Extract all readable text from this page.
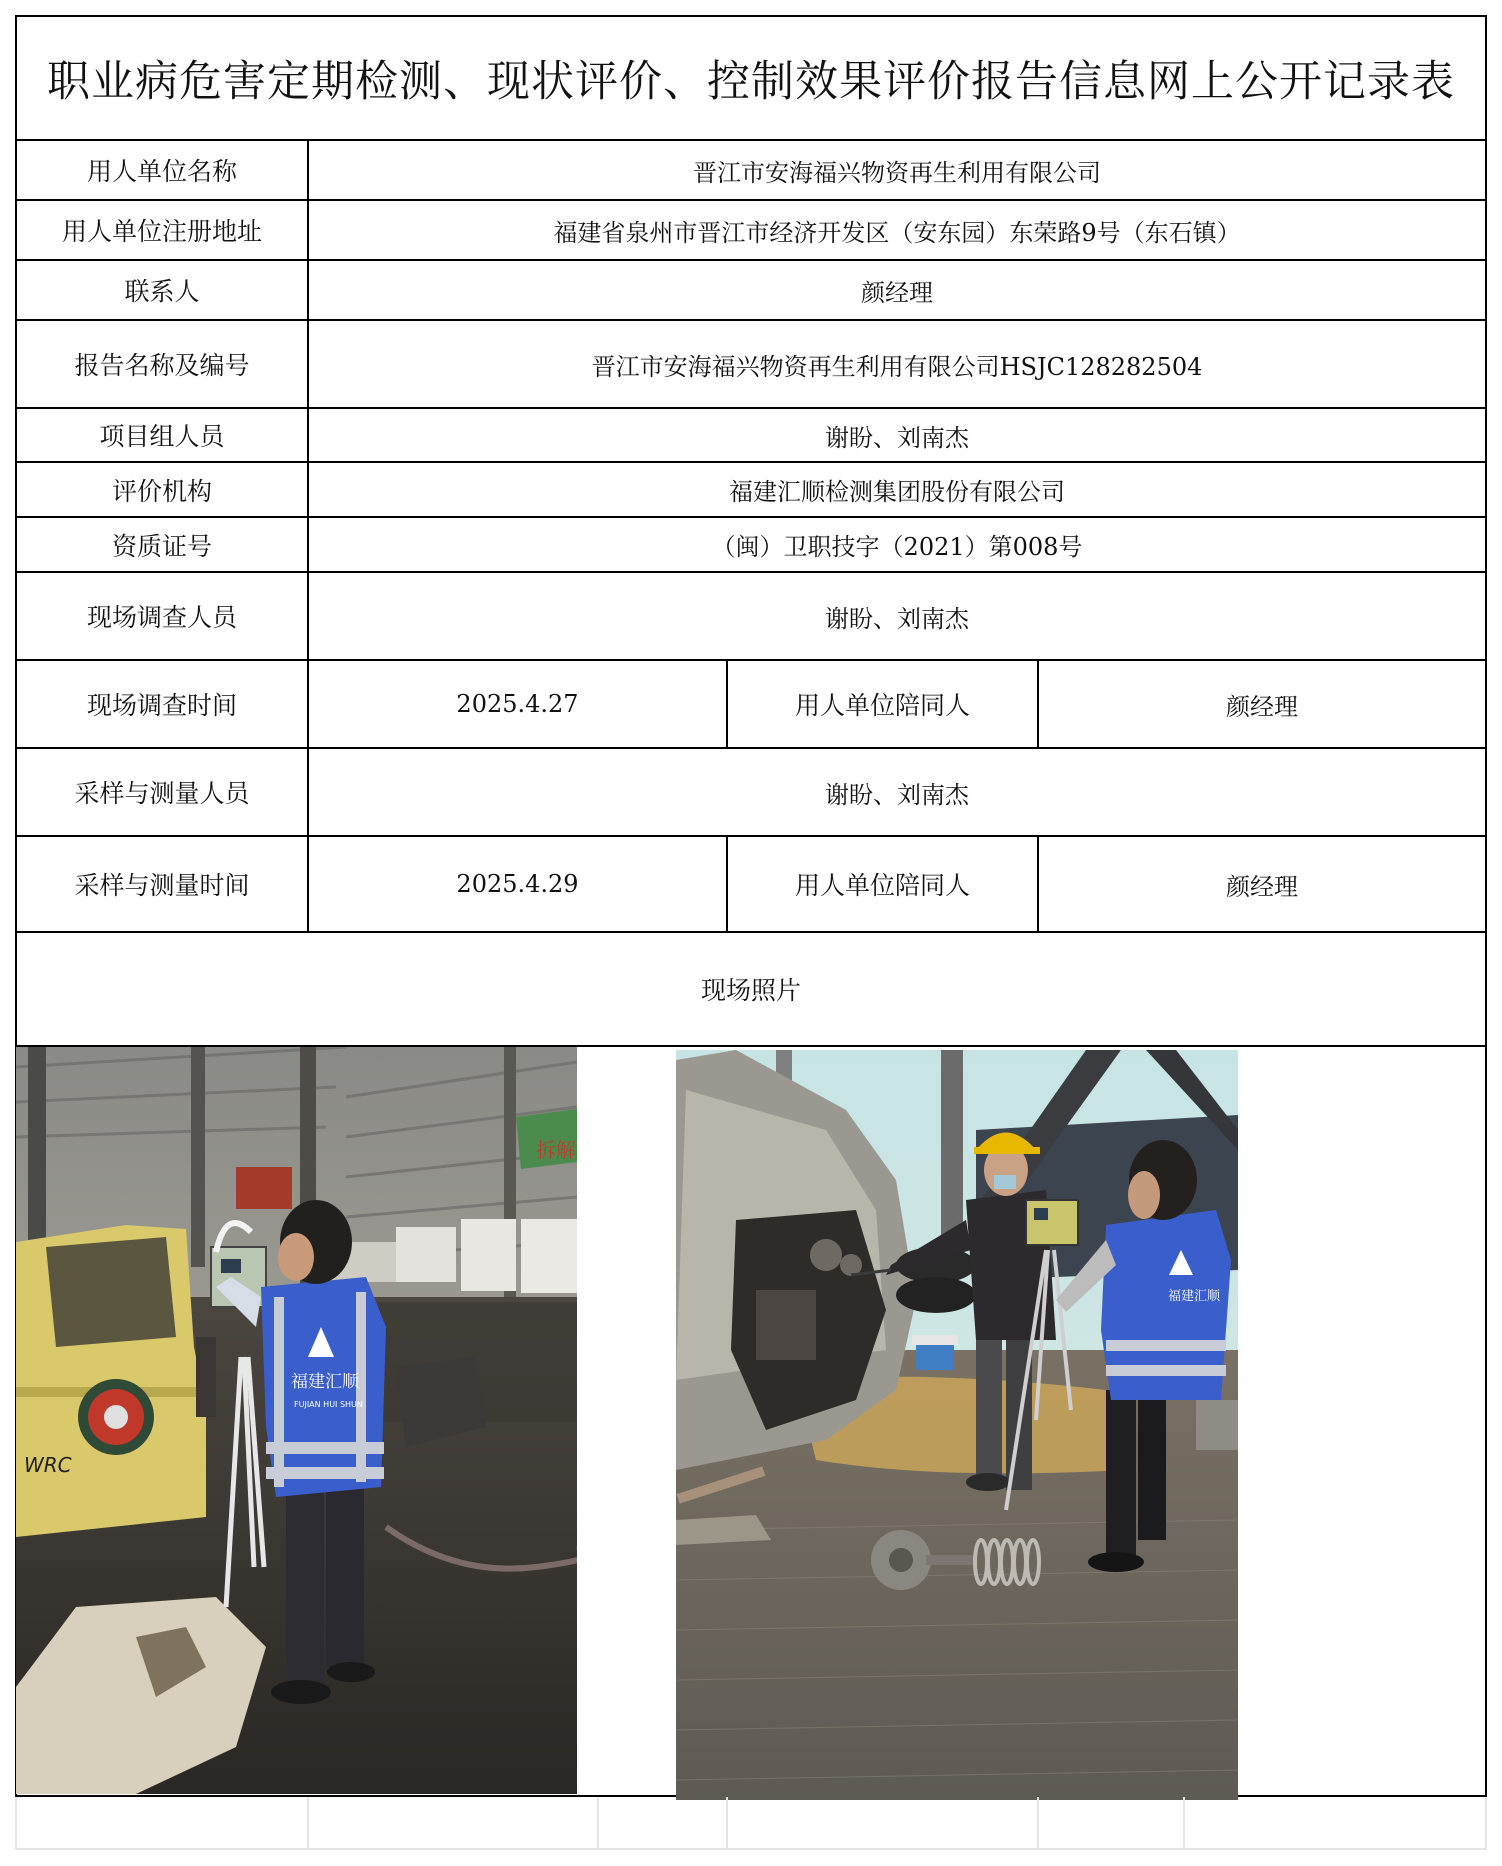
职业病危害定期检测、现状评价、控制效果评价报告信息网上公开记录表
用人单位名称	晋江市安海福兴物资再生利用有限公司
用人单位注册地址	福建省泉州市晋江市经济开发区（安东园）东荣路9号（东石镇）
联系人	颜经理
报告名称及编号	晋江市安海福兴物资再生利用有限公司HSJC128282504
项目组人员	谢盼、刘南杰
评价机构	福建汇顺检测集团股份有限公司
资质证号	（闽）卫职技字（2021）第008号
现场调查人员	谢盼、刘南杰
现场调查时间	2025.4.27	用人单位陪同人	颜经理
采样与测量人员	谢盼、刘南杰
采样与测量时间	2025.4.29	用人单位陪同人	颜经理
现场照片
拆解
WRC
福建汇顺
FUJIAN HUI SHUN
福建汇顺
